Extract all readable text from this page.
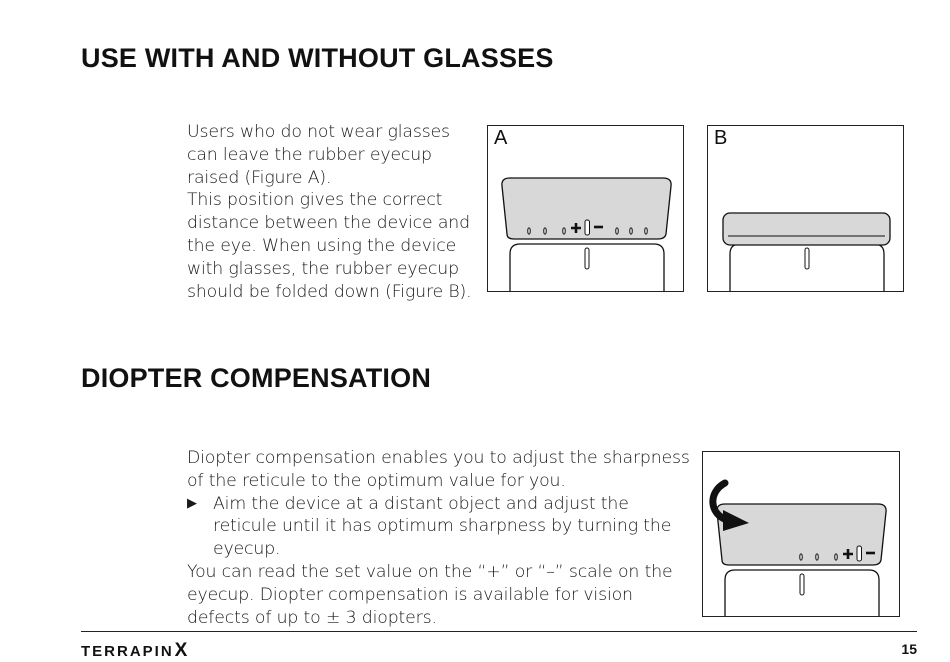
USE WITH AND WITHOUT GLASSES

Users who do not wear glasses can leave the rubber eyecup raised (Figure A).

This position gives the correct distance between the device and the eye. When using the device with glasses, the rubber eyecup should be folded down (Figure B).

A	B
DIOPTER COMPENSATION

Diopter compensation enables you to adjust the sharpness of the reticule to the optimum value for you.

▶ Aim the device at a distant object and adjust the reticule until it has optimum sharpness by turning the eyecup.

You can read the set value on the “+” or “–” scale on the eyecup. Diopter compensation is available for vision defects of up to ± 3 diopters.

TERRAPINX	15
